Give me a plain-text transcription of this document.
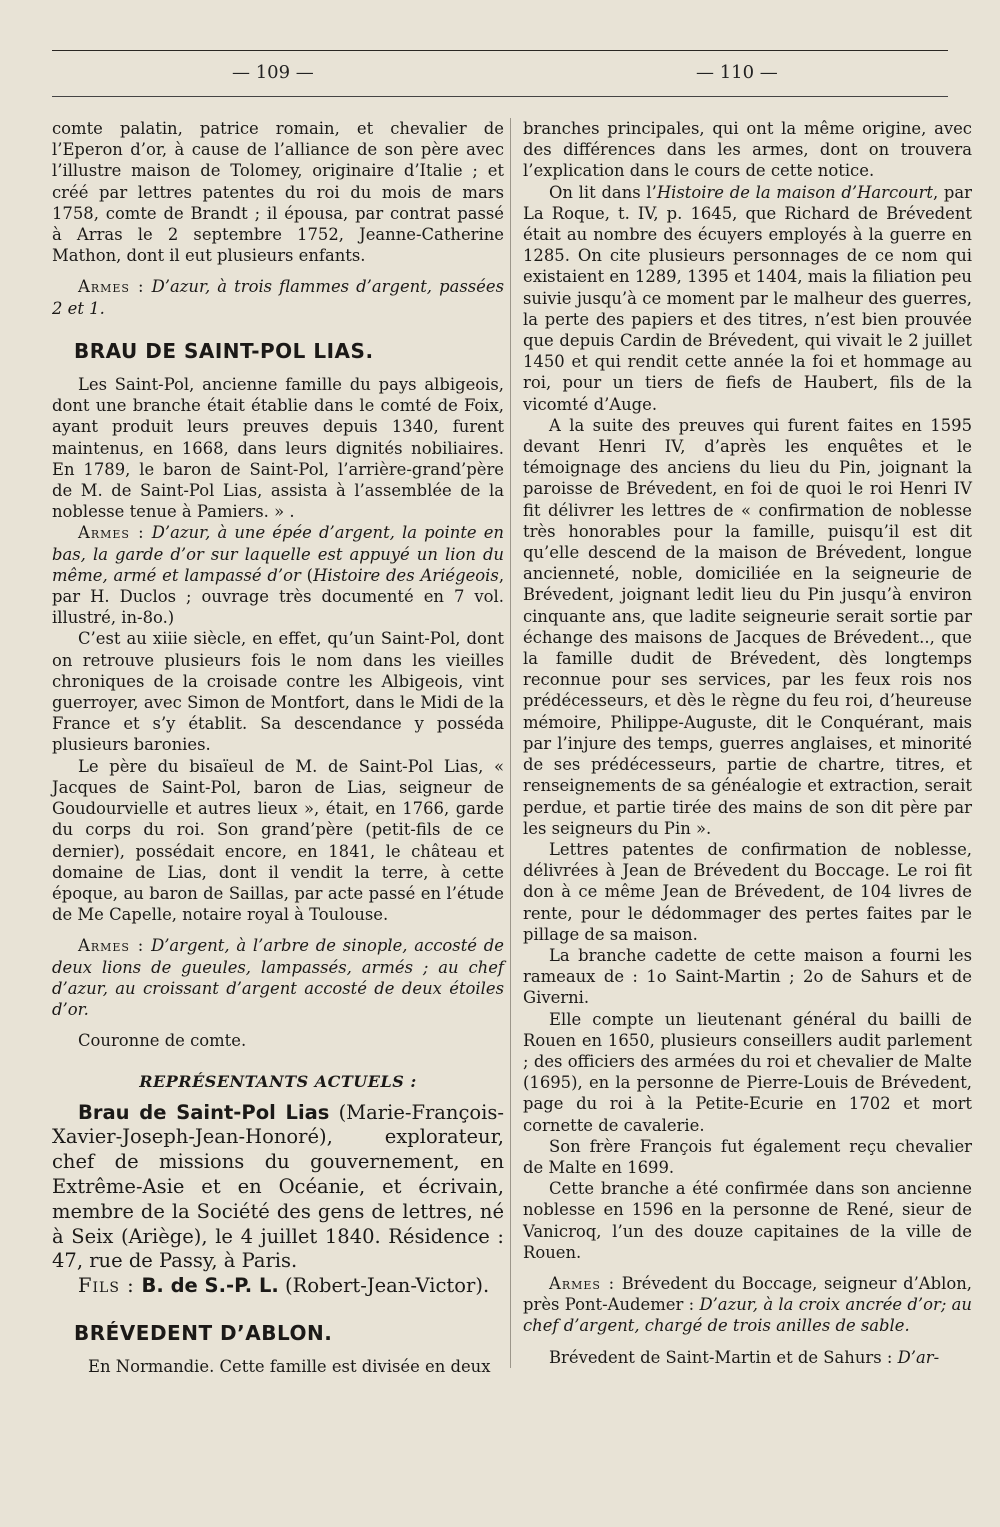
— 109 —	— 110 —

comte palatin, patrice romain, et chevalier de l’Eperon d’or, à cause de l’alliance de son père avec l’illustre maison de Tolomey, originaire d’Italie ; et créé par lettres patentes du roi du mois de mars 1758, comte de Brandt ; il épousa, par contrat passé à Arras le 2 septembre 1752, Jeanne-Catherine Mathon, dont il eut plusieurs enfants.

Armes : D’azur, à trois flammes d’argent, passées 2 et 1.

BRAU DE SAINT-POL LIAS.

Les Saint-Pol, ancienne famille du pays albigeois, dont une branche était établie dans le comté de Foix, ayant produit leurs preuves depuis 1340, furent maintenus, en 1668, dans leurs dignités nobiliaires. En 1789, le baron de Saint-Pol, l’arrière-grand’père de M. de Saint-Pol Lias, assista à l’assemblée de la noblesse tenue à Pamiers. » .

Armes : D’azur, à une épée d’argent, la pointe en bas, la garde d’or sur laquelle est appuyé un lion du même, armé et lampassé d’or (Histoire des Ariégeois, par H. Duclos ; ouvrage très documenté en 7 vol. illustré, in-8o.)

C’est au xiiie siècle, en effet, qu’un Saint-Pol, dont on retrouve plusieurs fois le nom dans les vieilles chroniques de la croisade contre les Albigeois, vint guerroyer, avec Simon de Montfort, dans le Midi de la France et s’y établit. Sa descendance y posséda plusieurs baronies.

Le père du bisaïeul de M. de Saint-Pol Lias, « Jacques de Saint-Pol, baron de Lias, seigneur de Goudourvielle et autres lieux », était, en 1766, garde du corps du roi. Son grand’père (petit-fils de ce dernier), possédait encore, en 1841, le château et domaine de Lias, dont il vendit la terre, à cette époque, au baron de Saillas, par acte passé en l’étude de Me Capelle, notaire royal à Toulouse.

Armes : D’argent, à l’arbre de sinople, accosté de deux lions de gueules, lampassés, armés ; au chef d’azur, au croissant d’argent accosté de deux étoiles d’or.

Couronne de comte.

REPRÉSENTANTS ACTUELS :

Brau de Saint-Pol Lias (Marie-François-Xavier-Joseph-Jean-Honoré), explorateur, chef de missions du gouvernement, en Extrême-Asie et en Océanie, et écrivain, membre de la Société des gens de lettres, né à Seix (Ariège), le 4 juillet 1840. Résidence : 47, rue de Passy, à Paris.

Fils : B. de S.-P. L. (Robert-Jean-Victor).

BRÉVEDENT D’ABLON.

En Normandie. Cette famille est divisée en deux

branches principales, qui ont la même origine, avec des différences dans les armes, dont on trouvera l’explication dans le cours de cette notice.

On lit dans l’Histoire de la maison d’Harcourt, par La Roque, t. IV, p. 1645, que Richard de Brévedent était au nombre des écuyers employés à la guerre en 1285. On cite plusieurs personnages de ce nom qui existaient en 1289, 1395 et 1404, mais la filiation peu suivie jusqu’à ce moment par le malheur des guerres, la perte des papiers et des titres, n’est bien prouvée que depuis Cardin de Brévedent, qui vivait le 2 juillet 1450 et qui rendit cette année la foi et hommage au roi, pour un tiers de fiefs de Haubert, fils de la vicomté d’Auge.

A la suite des preuves qui furent faites en 1595 devant Henri IV, d’après les enquêtes et le témoignage des anciens du lieu du Pin, joignant la paroisse de Brévedent, en foi de quoi le roi Henri IV fit délivrer les lettres de « confirmation de noblesse très honorables pour la famille, puisqu’il est dit qu’elle descend de la maison de Brévedent, longue ancienneté, noble, domiciliée en la seigneurie de Brévedent, joignant ledit lieu du Pin jusqu’à environ cinquante ans, que ladite seigneurie serait sortie par échange des maisons de Jacques de Brévedent.., que la famille dudit de Brévedent, dès longtemps reconnue pour ses services, par les feux rois nos prédécesseurs, et dès le règne du feu roi, d’heureuse mémoire, Philippe-Auguste, dit le Conquérant, mais par l’injure des temps, guerres anglaises, et minorité de ses prédécesseurs, partie de chartre, titres, et renseignements de sa généalogie et extraction, serait perdue, et partie tirée des mains de son dit père par les seigneurs du Pin ».

Lettres patentes de confirmation de noblesse, délivrées à Jean de Brévedent du Boccage. Le roi fit don à ce même Jean de Brévedent, de 104 livres de rente, pour le dédommager des pertes faites par le pillage de sa maison.

La branche cadette de cette maison a fourni les rameaux de : 1o Saint-Martin ; 2o de Sahurs et de Giverni.

Elle compte un lieutenant général du bailli de Rouen en 1650, plusieurs conseillers audit parlement ; des officiers des armées du roi et chevalier de Malte (1695), en la personne de Pierre-Louis de Brévedent, page du roi à la Petite-Ecurie en 1702 et mort cornette de cavalerie.

Son frère François fut également reçu chevalier de Malte en 1699.

Cette branche a été confirmée dans son ancienne noblesse en 1596 en la personne de René, sieur de Vanicroq, l’un des douze capitaines de la ville de Rouen.

Armes : Brévedent du Boccage, seigneur d’Ablon, près Pont-Audemer : D’azur, à la croix ancrée d’or; au chef d’argent, chargé de trois anilles de sable.

Brévedent de Saint-Martin et de Sahurs : D’ar-
